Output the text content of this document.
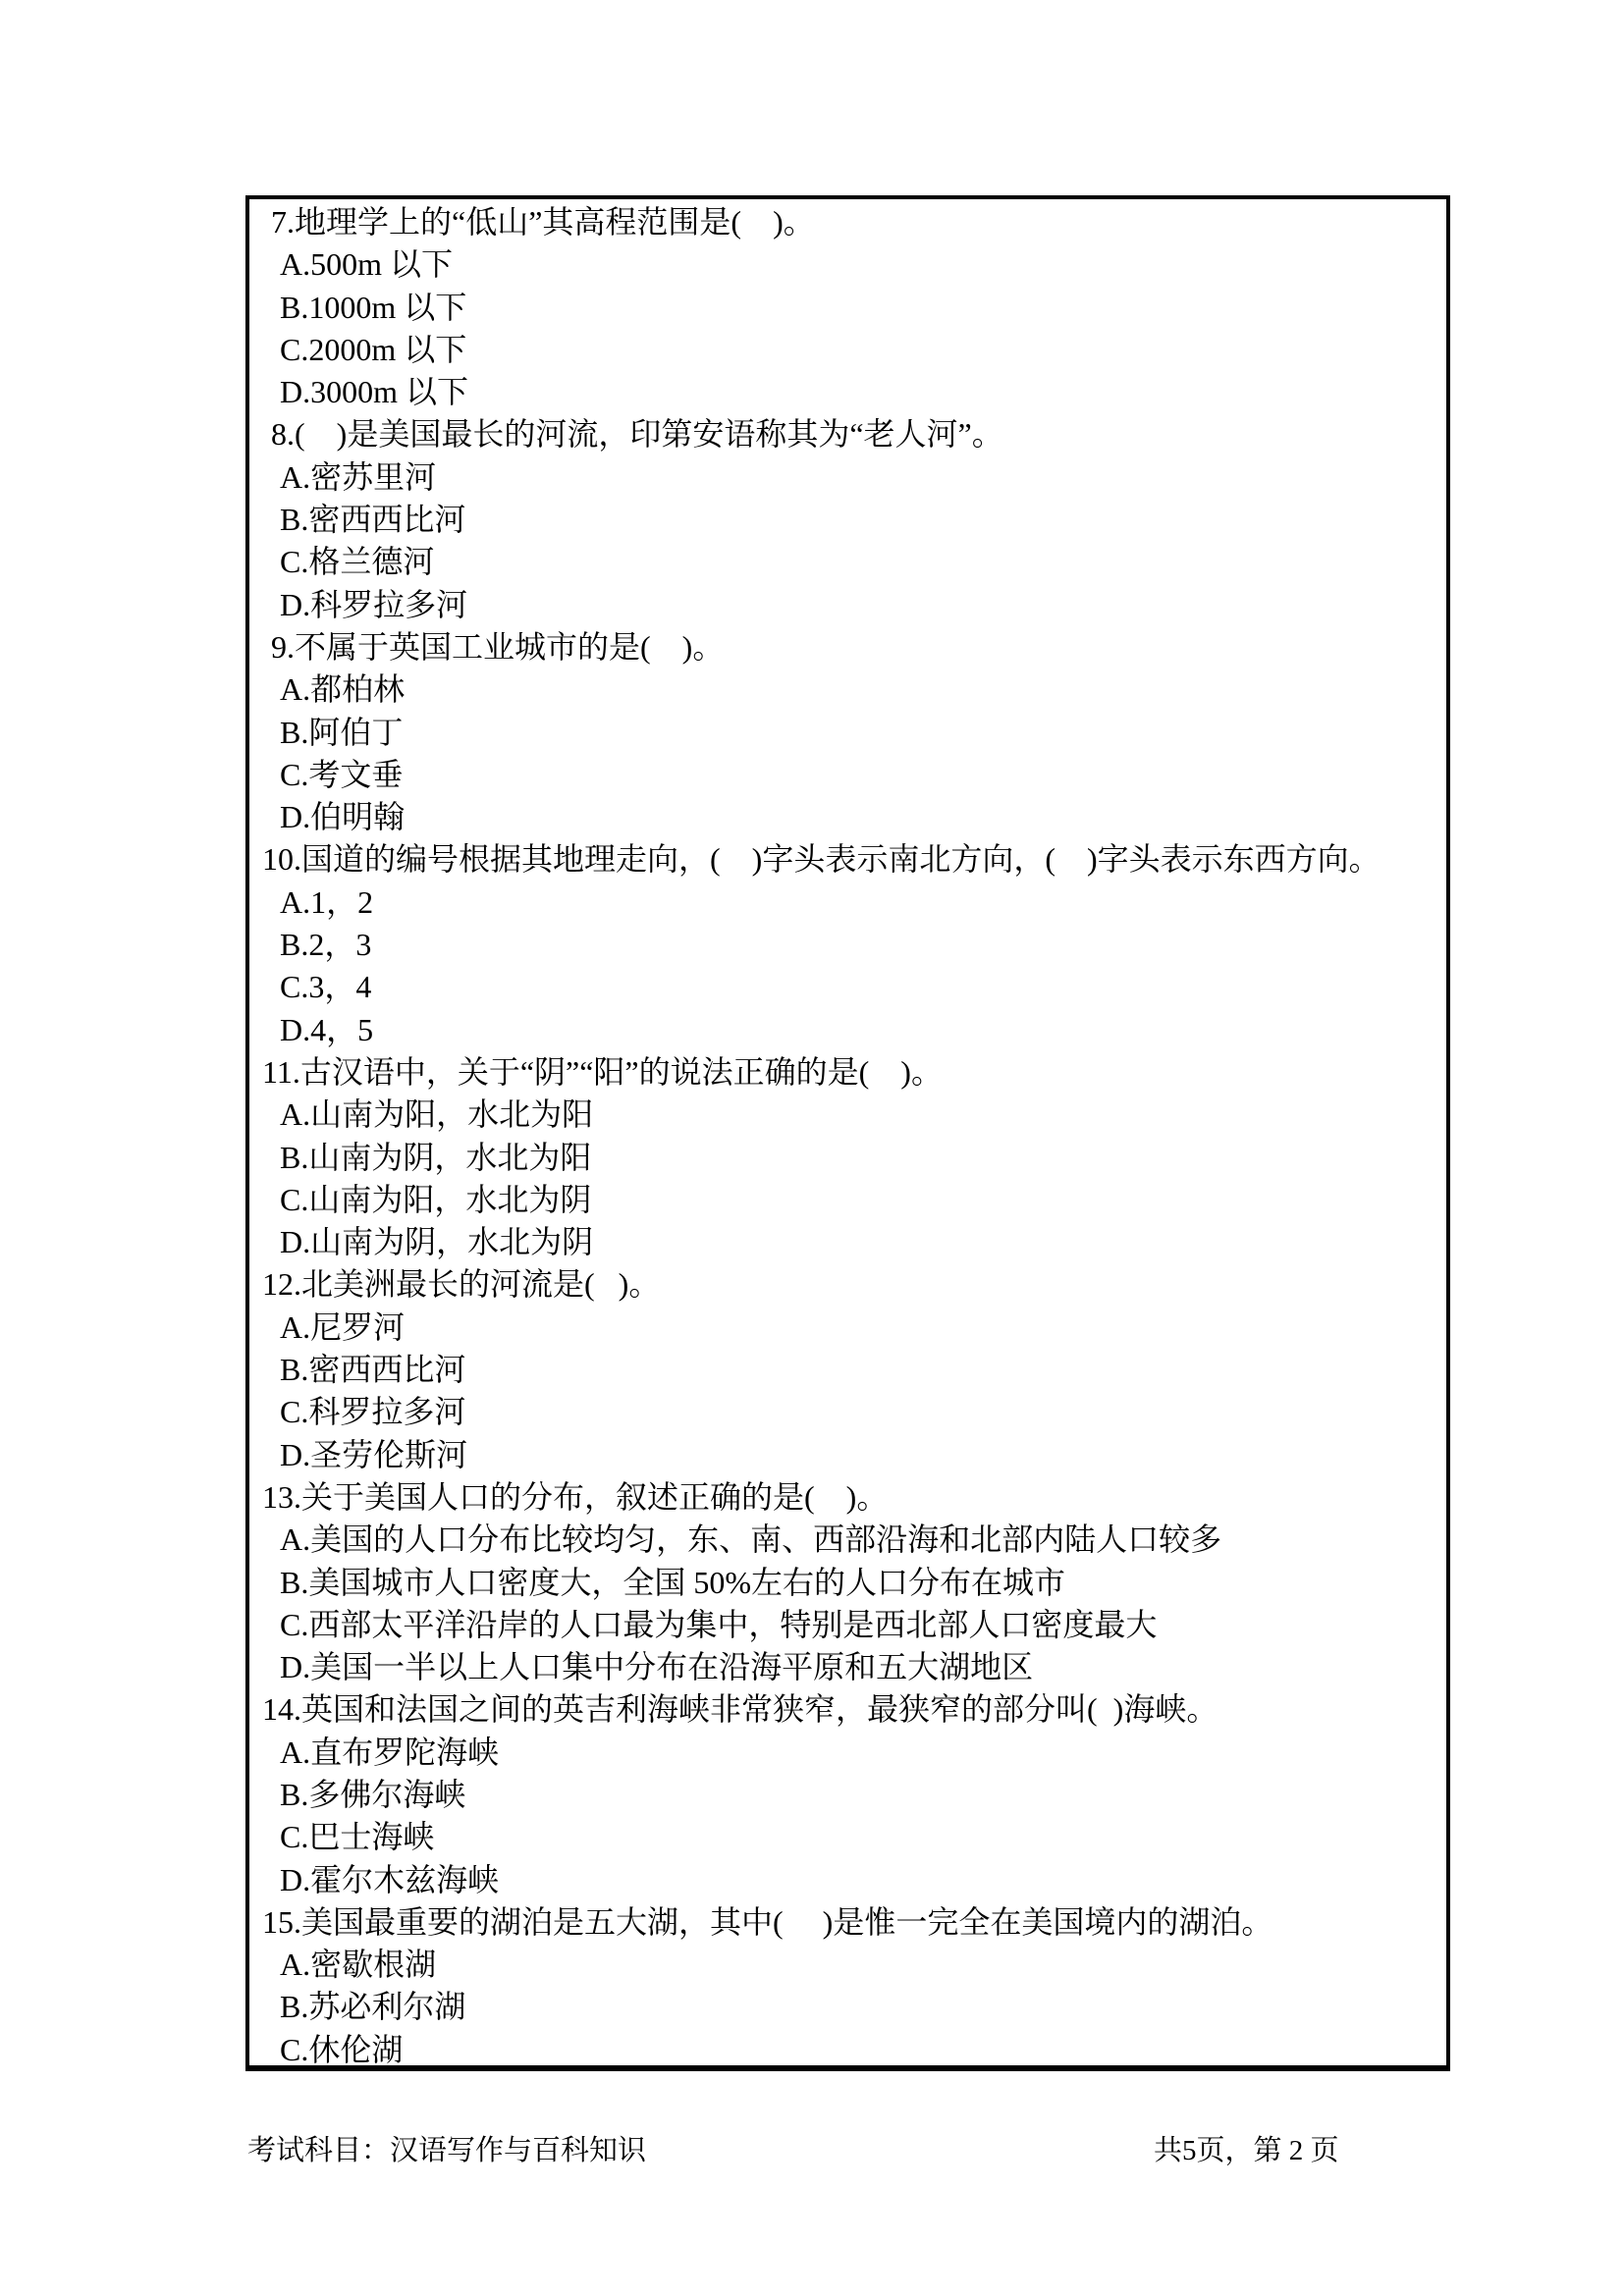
7.地理学上的“低山”其高程范围是(    )。
A.500m 以下
B.1000m 以下
C.2000m 以下
D.3000m 以下
8.(    )是美国最长的河流，印第安语称其为“老人河”。
A.密苏里河
B.密西西比河
C.格兰德河
D.科罗拉多河
9.不属于英国工业城市的是(    )。
A.都柏林
B.阿伯丁
C.考文垂
D.伯明翰
10.国道的编号根据其地理走向，(    )字头表示南北方向，(    )字头表示东西方向。
A.1，2
B.2，3
C.3，4
D.4，5
11.古汉语中，关于“阴”“阳”的说法正确的是(    )。
A.山南为阳，水北为阳
B.山南为阴，水北为阳
C.山南为阳，水北为阴
D.山南为阴，水北为阴
12.北美洲最长的河流是(   )。
A.尼罗河
B.密西西比河
C.科罗拉多河
D.圣劳伦斯河
13.关于美国人口的分布，叙述正确的是(    )。
A.美国的人口分布比较均匀，东、南、西部沿海和北部内陆人口较多
B.美国城市人口密度大，全国 50%左右的人口分布在城市
C.西部太平洋沿岸的人口最为集中，特别是西北部人口密度最大
D.美国一半以上人口集中分布在沿海平原和五大湖地区
14.英国和法国之间的英吉利海峡非常狭窄，最狭窄的部分叫(  )海峡。
A.直布罗陀海峡
B.多佛尔海峡
C.巴士海峡
D.霍尔木兹海峡
15.美国最重要的湖泊是五大湖，其中(     )是惟一完全在美国境内的湖泊。
A.密歇根湖
B.苏必利尔湖
C.休伦湖
考试科目：汉语写作与百科知识	共5页，第 2 页
